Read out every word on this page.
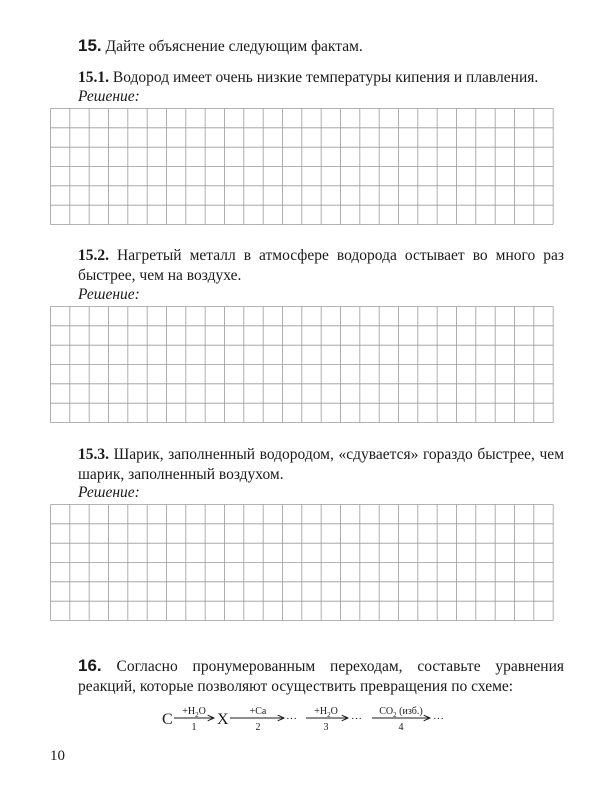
15. Дайте объяснение следующим фактам.
15.1. Водород имеет очень низкие температуры кипения и плавления.
Решение:
15.2. Нагретый металл в атмосфере водорода остывает во много раз быстрее, чем на воздухе.
Решение:
15.3. Шарик, заполненный водородом, «сдувается» гораздо быстрее, чем шарик, заполненный воздухом.
Решение:
16. Согласно пронумерованным переходам, составьте уравнения реакций, которые позволяют осуществить превращения по схеме:
$C +H_2O$
1 X +Ca
2
···
$+H_2O$
3
···
$CO_2$ (изб.)
4
···
10
